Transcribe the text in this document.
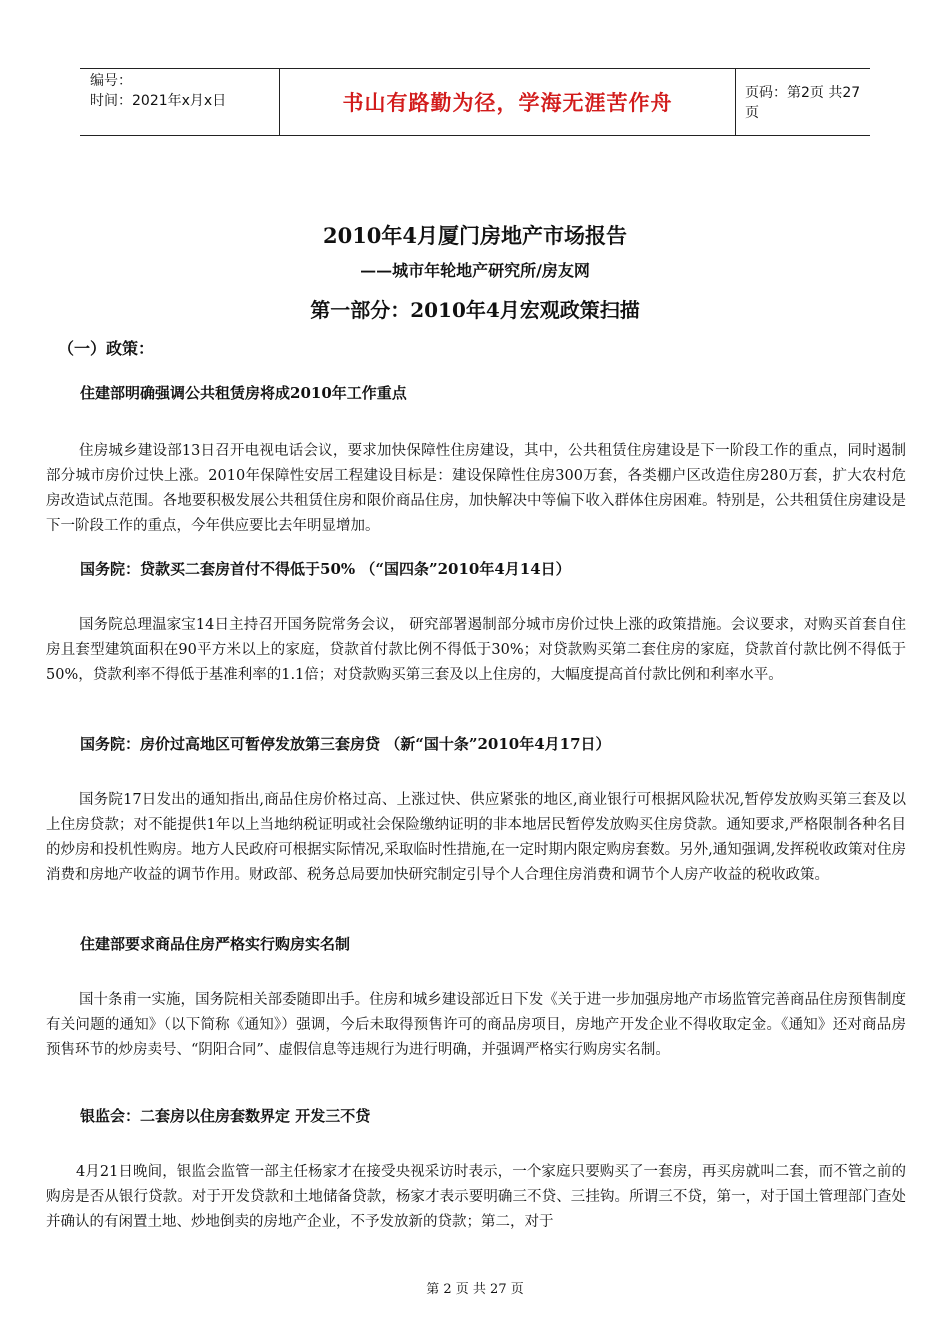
编号：
时间：2021年x月x日	书山有路勤为径，学海无涯苦作舟	页码：第2页 共27页
2010年4月厦门房地产市场报告
——城市年轮地产研究所/房友网
第一部分：2010年4月宏观政策扫描
（一）政策：
住建部明确强调公共租赁房将成2010年工作重点
住房城乡建设部13日召开电视电话会议，要求加快保障性住房建设，其中，公共租赁住房建设是下一阶段工作的重点，同时遏制部分城市房价过快上涨。2010年保障性安居工程建设目标是：建设保障性住房300万套，各类棚户区改造住房280万套，扩大农村危房改造试点范围。各地要积极发展公共租赁住房和限价商品住房，加快解决中等偏下收入群体住房困难。特别是，公共租赁住房建设是下一阶段工作的重点，今年供应要比去年明显增加。
国务院：贷款买二套房首付不得低于50% （“国四条”2010年4月14日）
国务院总理温家宝14日主持召开国务院常务会议， 研究部署遏制部分城市房价过快上涨的政策措施。会议要求，对购买首套自住房且套型建筑面积在90平方米以上的家庭，贷款首付款比例不得低于30%；对贷款购买第二套住房的家庭，贷款首付款比例不得低于50%，贷款利率不得低于基准利率的1.1倍；对贷款购买第三套及以上住房的，大幅度提高首付款比例和利率水平。
国务院：房价过高地区可暂停发放第三套房贷 （新“国十条”2010年4月17日）
国务院17日发出的通知指出,商品住房价格过高、上涨过快、供应紧张的地区,商业银行可根据风险状况,暂停发放购买第三套及以上住房贷款；对不能提供1年以上当地纳税证明或社会保险缴纳证明的非本地居民暂停发放购买住房贷款。通知要求,严格限制各种名目的炒房和投机性购房。地方人民政府可根据实际情况,采取临时性措施,在一定时期内限定购房套数。另外,通知强调,发挥税收政策对住房消费和房地产收益的调节作用。财政部、税务总局要加快研究制定引导个人合理住房消费和调节个人房产收益的税收政策。
住建部要求商品住房严格实行购房实名制
国十条甫一实施，国务院相关部委随即出手。住房和城乡建设部近日下发《关于进一步加强房地产市场监管完善商品住房预售制度有关问题的通知》（以下简称《通知》）强调，今后未取得预售许可的商品房项目，房地产开发企业不得收取定金。《通知》还对商品房预售环节的炒房卖号、“阴阳合同”、虚假信息等违规行为进行明确，并强调严格实行购房实名制。
银监会：二套房以住房套数界定 开发三不贷
4月21日晚间，银监会监管一部主任杨家才在接受央视采访时表示，一个家庭只要购买了一套房，再买房就叫二套，而不管之前的购房是否从银行贷款。对于开发贷款和土地储备贷款，杨家才表示要明确三不贷、三挂钩。所谓三不贷，第一，对于国土管理部门查处并确认的有闲置土地、炒地倒卖的房地产企业，不予发放新的贷款；第二，对于
第 2 页 共 27 页
